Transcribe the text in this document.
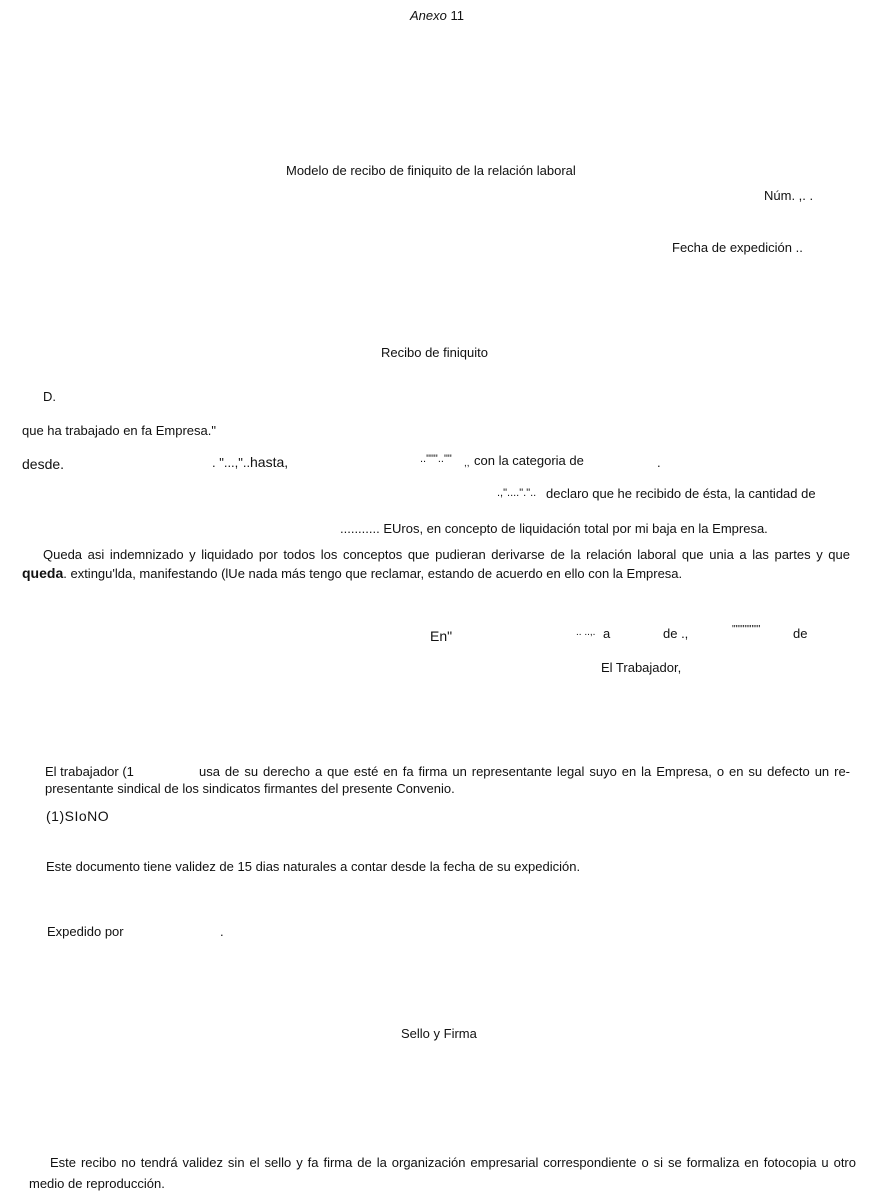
Anexo 11
Modelo de recibo de finiquito de la relación laboral
Núm. ,. .
Fecha de expedición ..
Recibo de finiquito
D.
que ha trabajado en fa Empresa."
desde.	. "...,".. hasta,	..""".."" ,, con la categoria de	.
.,"....".".. declaro que he recibido de ésta, la cantidad de
........... EUros, en concepto de liquidación total por mi baja en la Empresa.
Queda asi indemnizado y liquidado por todos los conceptos que pudieran derivarse de la relación laboral que unia a las partes y que
queda. extingu'lda, manifestando (lUe nada más tengo que reclamar, estando de acuerdo en ello con la Empresa.
En"	.. ..,. a	de .,	""""""""	de
El Trabajador,
El trabajador (1	usa de su derecho a que esté en fa firma un representante legal suyo en la Empresa, o en su defecto un re-
presentante sindical de los sindicatos firmantes del presente Convenio.
(1)SIoNO
Este documento tiene validez de 15 dias naturales a contar desde la fecha de su expedición.
Expedido por	.
Sello y Firma
Este recibo no tendrá validez sin el sello y fa firma de la organización empresarial correspondiente o si se formaliza en fotocopia u otro
medio de reproducción.
